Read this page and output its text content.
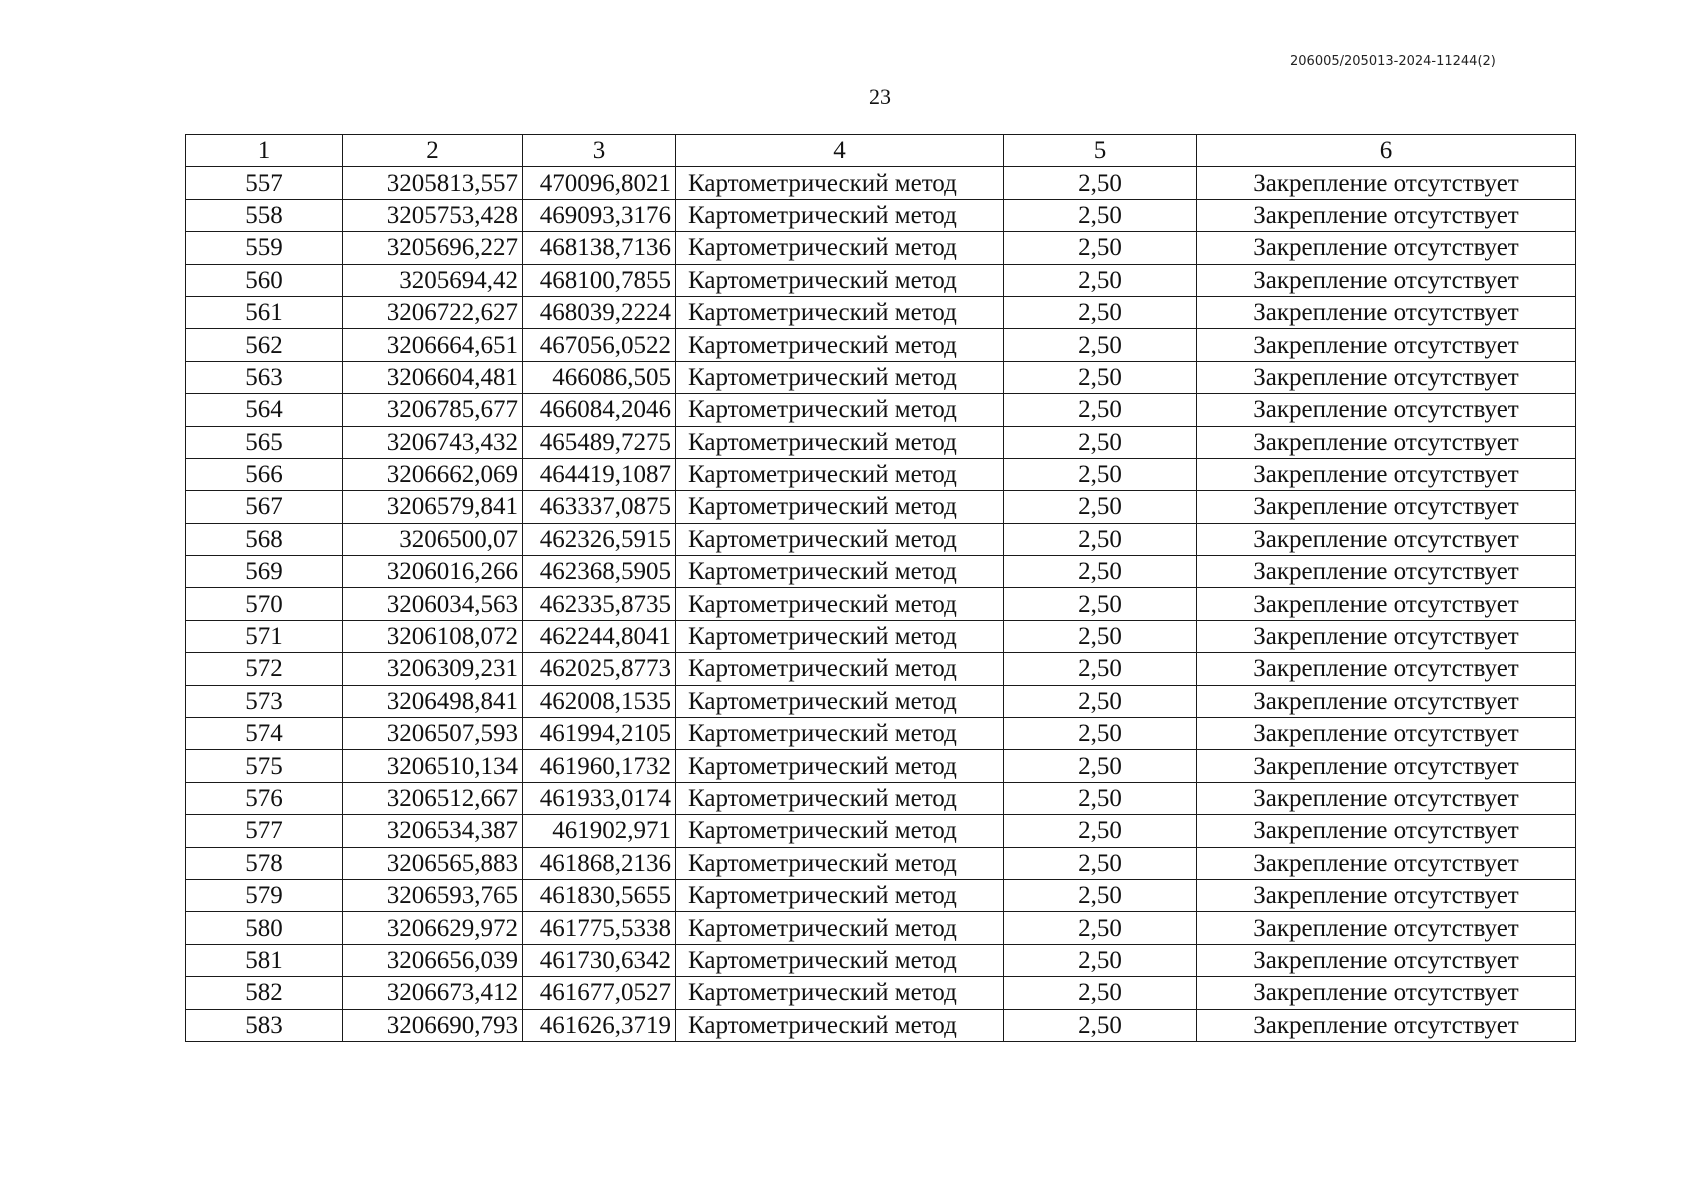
206005/205013-2024-11244(2)
23
1	2	3	4	5	6
557	3205813,557	470096,8021	Картометрический метод	2,50	Закрепление отсутствует
558	3205753,428	469093,3176	Картометрический метод	2,50	Закрепление отсутствует
559	3205696,227	468138,7136	Картометрический метод	2,50	Закрепление отсутствует
560	3205694,42	468100,7855	Картометрический метод	2,50	Закрепление отсутствует
561	3206722,627	468039,2224	Картометрический метод	2,50	Закрепление отсутствует
562	3206664,651	467056,0522	Картометрический метод	2,50	Закрепление отсутствует
563	3206604,481	466086,505	Картометрический метод	2,50	Закрепление отсутствует
564	3206785,677	466084,2046	Картометрический метод	2,50	Закрепление отсутствует
565	3206743,432	465489,7275	Картометрический метод	2,50	Закрепление отсутствует
566	3206662,069	464419,1087	Картометрический метод	2,50	Закрепление отсутствует
567	3206579,841	463337,0875	Картометрический метод	2,50	Закрепление отсутствует
568	3206500,07	462326,5915	Картометрический метод	2,50	Закрепление отсутствует
569	3206016,266	462368,5905	Картометрический метод	2,50	Закрепление отсутствует
570	3206034,563	462335,8735	Картометрический метод	2,50	Закрепление отсутствует
571	3206108,072	462244,8041	Картометрический метод	2,50	Закрепление отсутствует
572	3206309,231	462025,8773	Картометрический метод	2,50	Закрепление отсутствует
573	3206498,841	462008,1535	Картометрический метод	2,50	Закрепление отсутствует
574	3206507,593	461994,2105	Картометрический метод	2,50	Закрепление отсутствует
575	3206510,134	461960,1732	Картометрический метод	2,50	Закрепление отсутствует
576	3206512,667	461933,0174	Картометрический метод	2,50	Закрепление отсутствует
577	3206534,387	461902,971	Картометрический метод	2,50	Закрепление отсутствует
578	3206565,883	461868,2136	Картометрический метод	2,50	Закрепление отсутствует
579	3206593,765	461830,5655	Картометрический метод	2,50	Закрепление отсутствует
580	3206629,972	461775,5338	Картометрический метод	2,50	Закрепление отсутствует
581	3206656,039	461730,6342	Картометрический метод	2,50	Закрепление отсутствует
582	3206673,412	461677,0527	Картометрический метод	2,50	Закрепление отсутствует
583	3206690,793	461626,3719	Картометрический метод	2,50	Закрепление отсутствует
